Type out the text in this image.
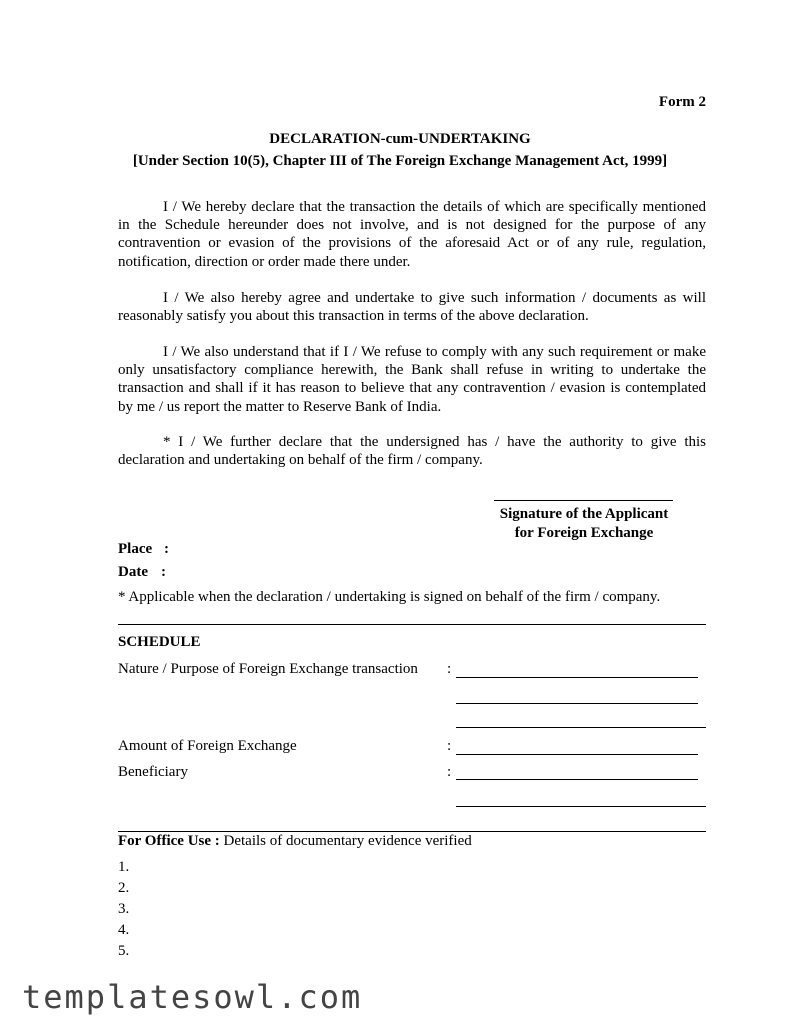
Form 2
DECLARATION-cum-UNDERTAKING
[Under Section 10(5), Chapter III of The Foreign Exchange Management Act, 1999]

I / We hereby declare that the transaction the details of which are specifically mentioned in the Schedule hereunder does not involve, and is not designed for the purpose of any contravention or evasion of the provisions of the aforesaid Act or of any rule, regulation, notification, direction or order made there under.

I / We also hereby agree and undertake to give such information / documents as will reasonably satisfy you about this transaction in terms of the above declaration.

I / We also understand that if I / We refuse to comply with any such requirement or make only unsatisfactory compliance herewith, the Bank shall refuse in writing to undertake the transaction and shall if it has reason to believe that any contravention / evasion is contemplated by me / us report the matter to Reserve Bank of India.

* I / We further declare that the undersigned has / have the authority to give this declaration and undertaking on behalf of the firm / company.

Signature of the Applicant
for Foreign Exchange
Place :
Date :
* Applicable when the declaration / undertaking is signed on behalf of the firm / company.
SCHEDULE
Nature / Purpose of Foreign Exchange transaction :
Amount of Foreign Exchange	:
Beneficiary	:
For Office Use : Details of documentary evidence verified
1.
2.
3.
4.
5.
templatesowl.com
